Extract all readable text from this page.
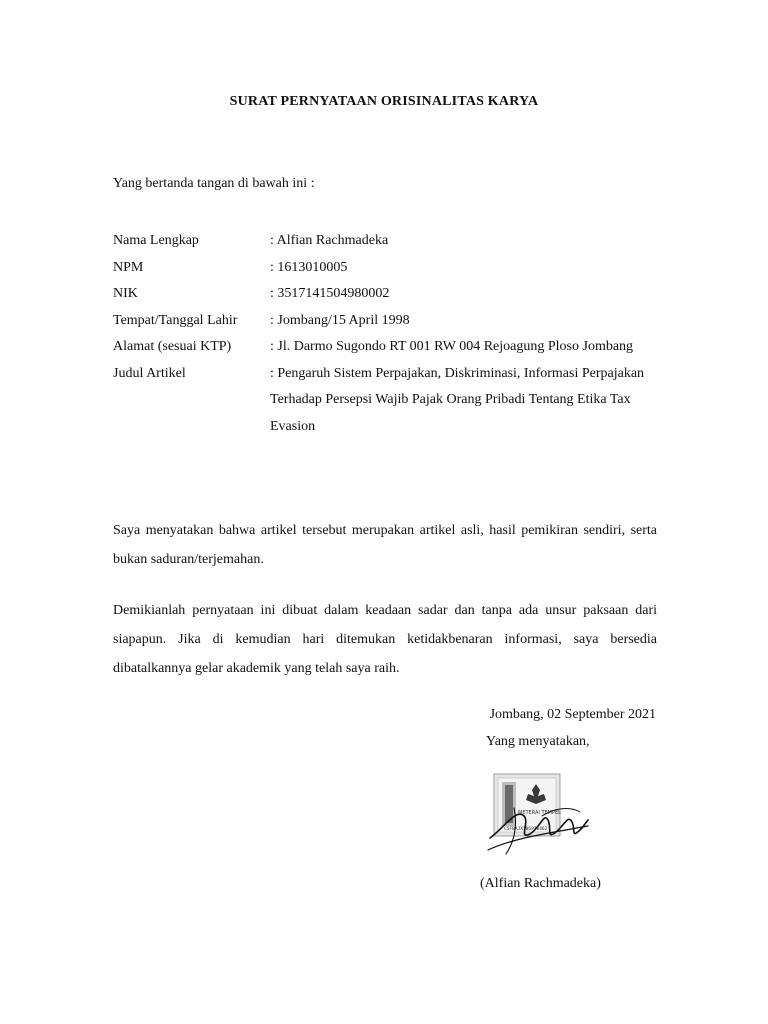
SURAT PERNYATAAN ORISINALITAS KARYA
Yang bertanda tangan di bawah ini :
Nama Lengkap	: Alfian Rachmadeka
NPM	: 1613010005
NIK	: 3517141504980002
Tempat/Tanggal Lahir	: Jombang/15 April 1998
Alamat (sesuai KTP)	: Jl. Darmo Sugondo RT 001 RW 004 Rejoagung Ploso Jombang
Judul Artikel	: Pengaruh Sistem Perpajakan, Diskriminasi, Informasi Perpajakan Terhadap Persepsi Wajib Pajak Orang Pribadi Tentang Etika Tax Evasion
Saya menyatakan bahwa artikel tersebut merupakan artikel asli, hasil pemikiran sendiri, serta bukan saduran/terjemahan.
Demikianlah pernyataan ini dibuat dalam keadaan sadar dan tanpa ada unsur paksaan dari siapapun. Jika di kemudian hari ditemukan ketidakbenaran informasi, saya bersedia dibatalkannya gelar akademik yang telah saya raih.
Jombang, 02 September 2021
Yang menyatakan,
METERAI TEMPEL
C5FBAJX106970462
(Alfian Rachmadeka)
